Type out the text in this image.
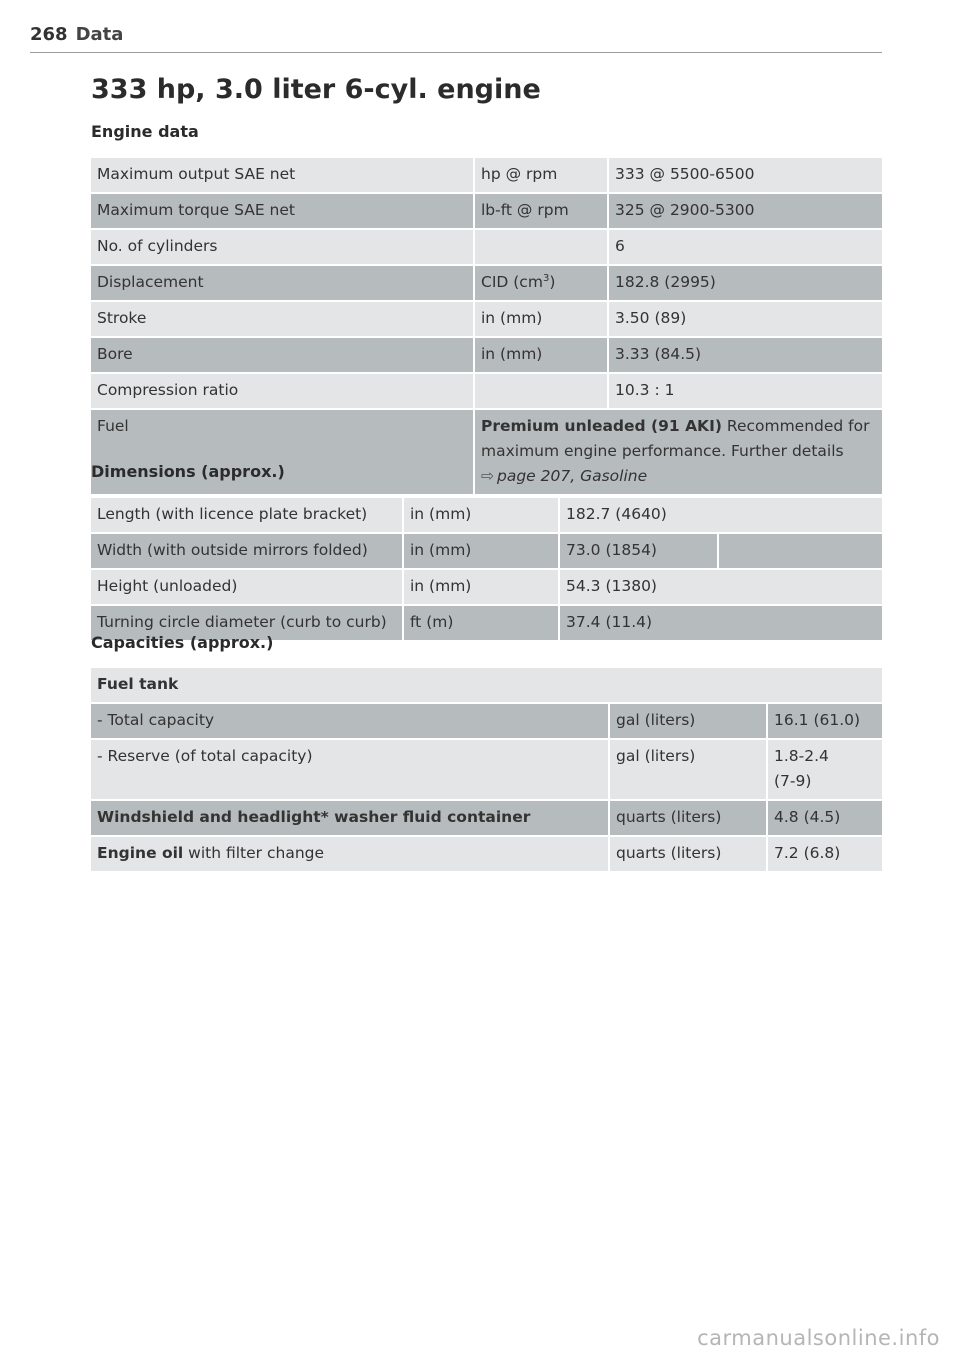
268 Data
333 hp, 3.0 liter 6-cyl. engine
Engine data
Maximum output SAE net	hp @ rpm	333 @ 5500-6500
Maximum torque SAE net	lb-ft @ rpm	325 @ 2900-5300
No. of cylinders		6
Displacement	CID $(cm^3)$	182.8 (2995)
Stroke	in (mm)	3.50 (89)
Bore	in (mm)	3.33 (84.5)
Compression ratio		10.3 : 1
Fuel	Premium unleaded (91 AKI) Recommended for maximum engine performance. Further details ⇨ page 207, Gasoline	
Dimensions (approx.)
Length (with licence plate bracket)	in (mm)	182.7 (4640)	
Width (with outside mirrors folded)	in (mm)	73.0 (1854)	
Height (unloaded)	in (mm)	54.3 (1380)	
Turning circle diameter (curb to curb)	ft (m)	37.4 (11.4)	
Capacities (approx.)
Fuel tank		
- Total capacity	gal (liters)	16.1 (61.0)
- Reserve (of total capacity)	gal (liters)	1.8-2.4
(7-9)
Windshield and headlight* washer fluid container	quarts (liters)	4.8 (4.5)
Engine oil with filter change	quarts (liters)	7.2 (6.8)
carmanualsonline.info
